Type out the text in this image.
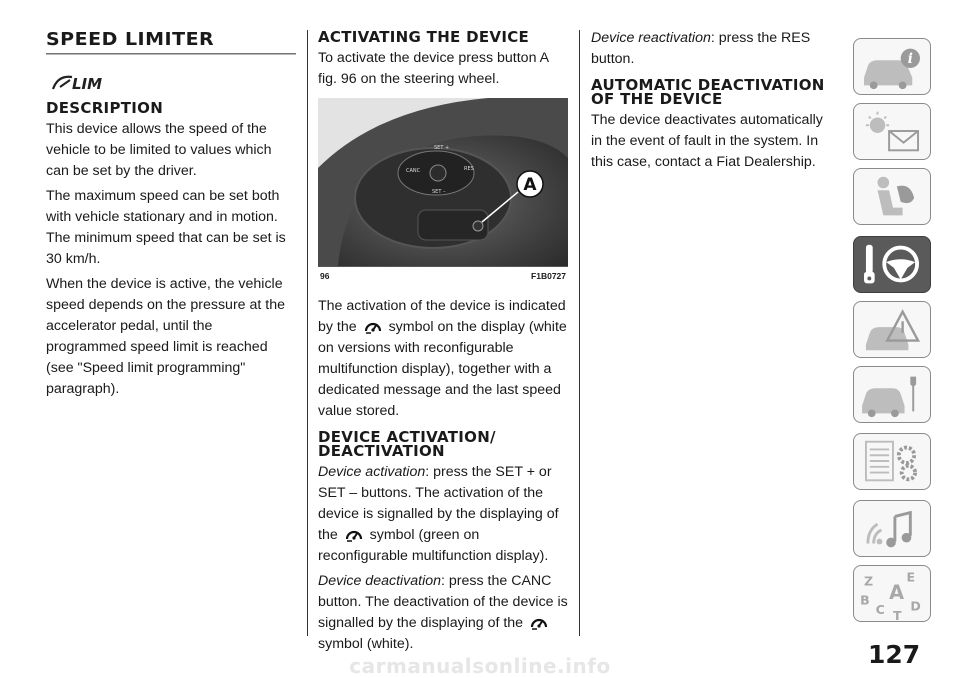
SPEED LIMITER
LIM
DESCRIPTION

This device allows the speed of the vehicle to be limited to values which can be set by the driver.

The maximum speed can be set both with vehicle stationary and in motion. The minimum speed that can be set is 30 km/h.

When the device is active, the vehicle speed depends on the pressure at the accelerator pedal, until the programmed speed limit is reached (see "Speed limit programming" paragraph).

ACTIVATING THE DEVICE

To activate the device press button A fig. 96 on the steering wheel.

SET +
CANC	RES
SET –	A
96	F1B0727

The activation of the device is indicated by the symbol on the display (white on versions with reconfigurable multifunction display), together with a dedicated message and the last speed value stored.

DEVICE ACTIVATION/ DEACTIVATION

Device activation: press the SET + or SET – buttons. The activation of the device is signalled by the displaying of the symbol (green on reconfigurable multifunction display).

Device deactivation: press the CANC button. The deactivation of the device is signalled by the displaying of the  symbol (white).

Device reactivation: press the RES button.

AUTOMATIC DEACTIVATION OF THE DEVICE

The device deactivates automatically in the event of fault in the system. In this case, contact a Fiat Dealership.

i
Z	E
B A
C D
T
127
carmanualsonline.info
